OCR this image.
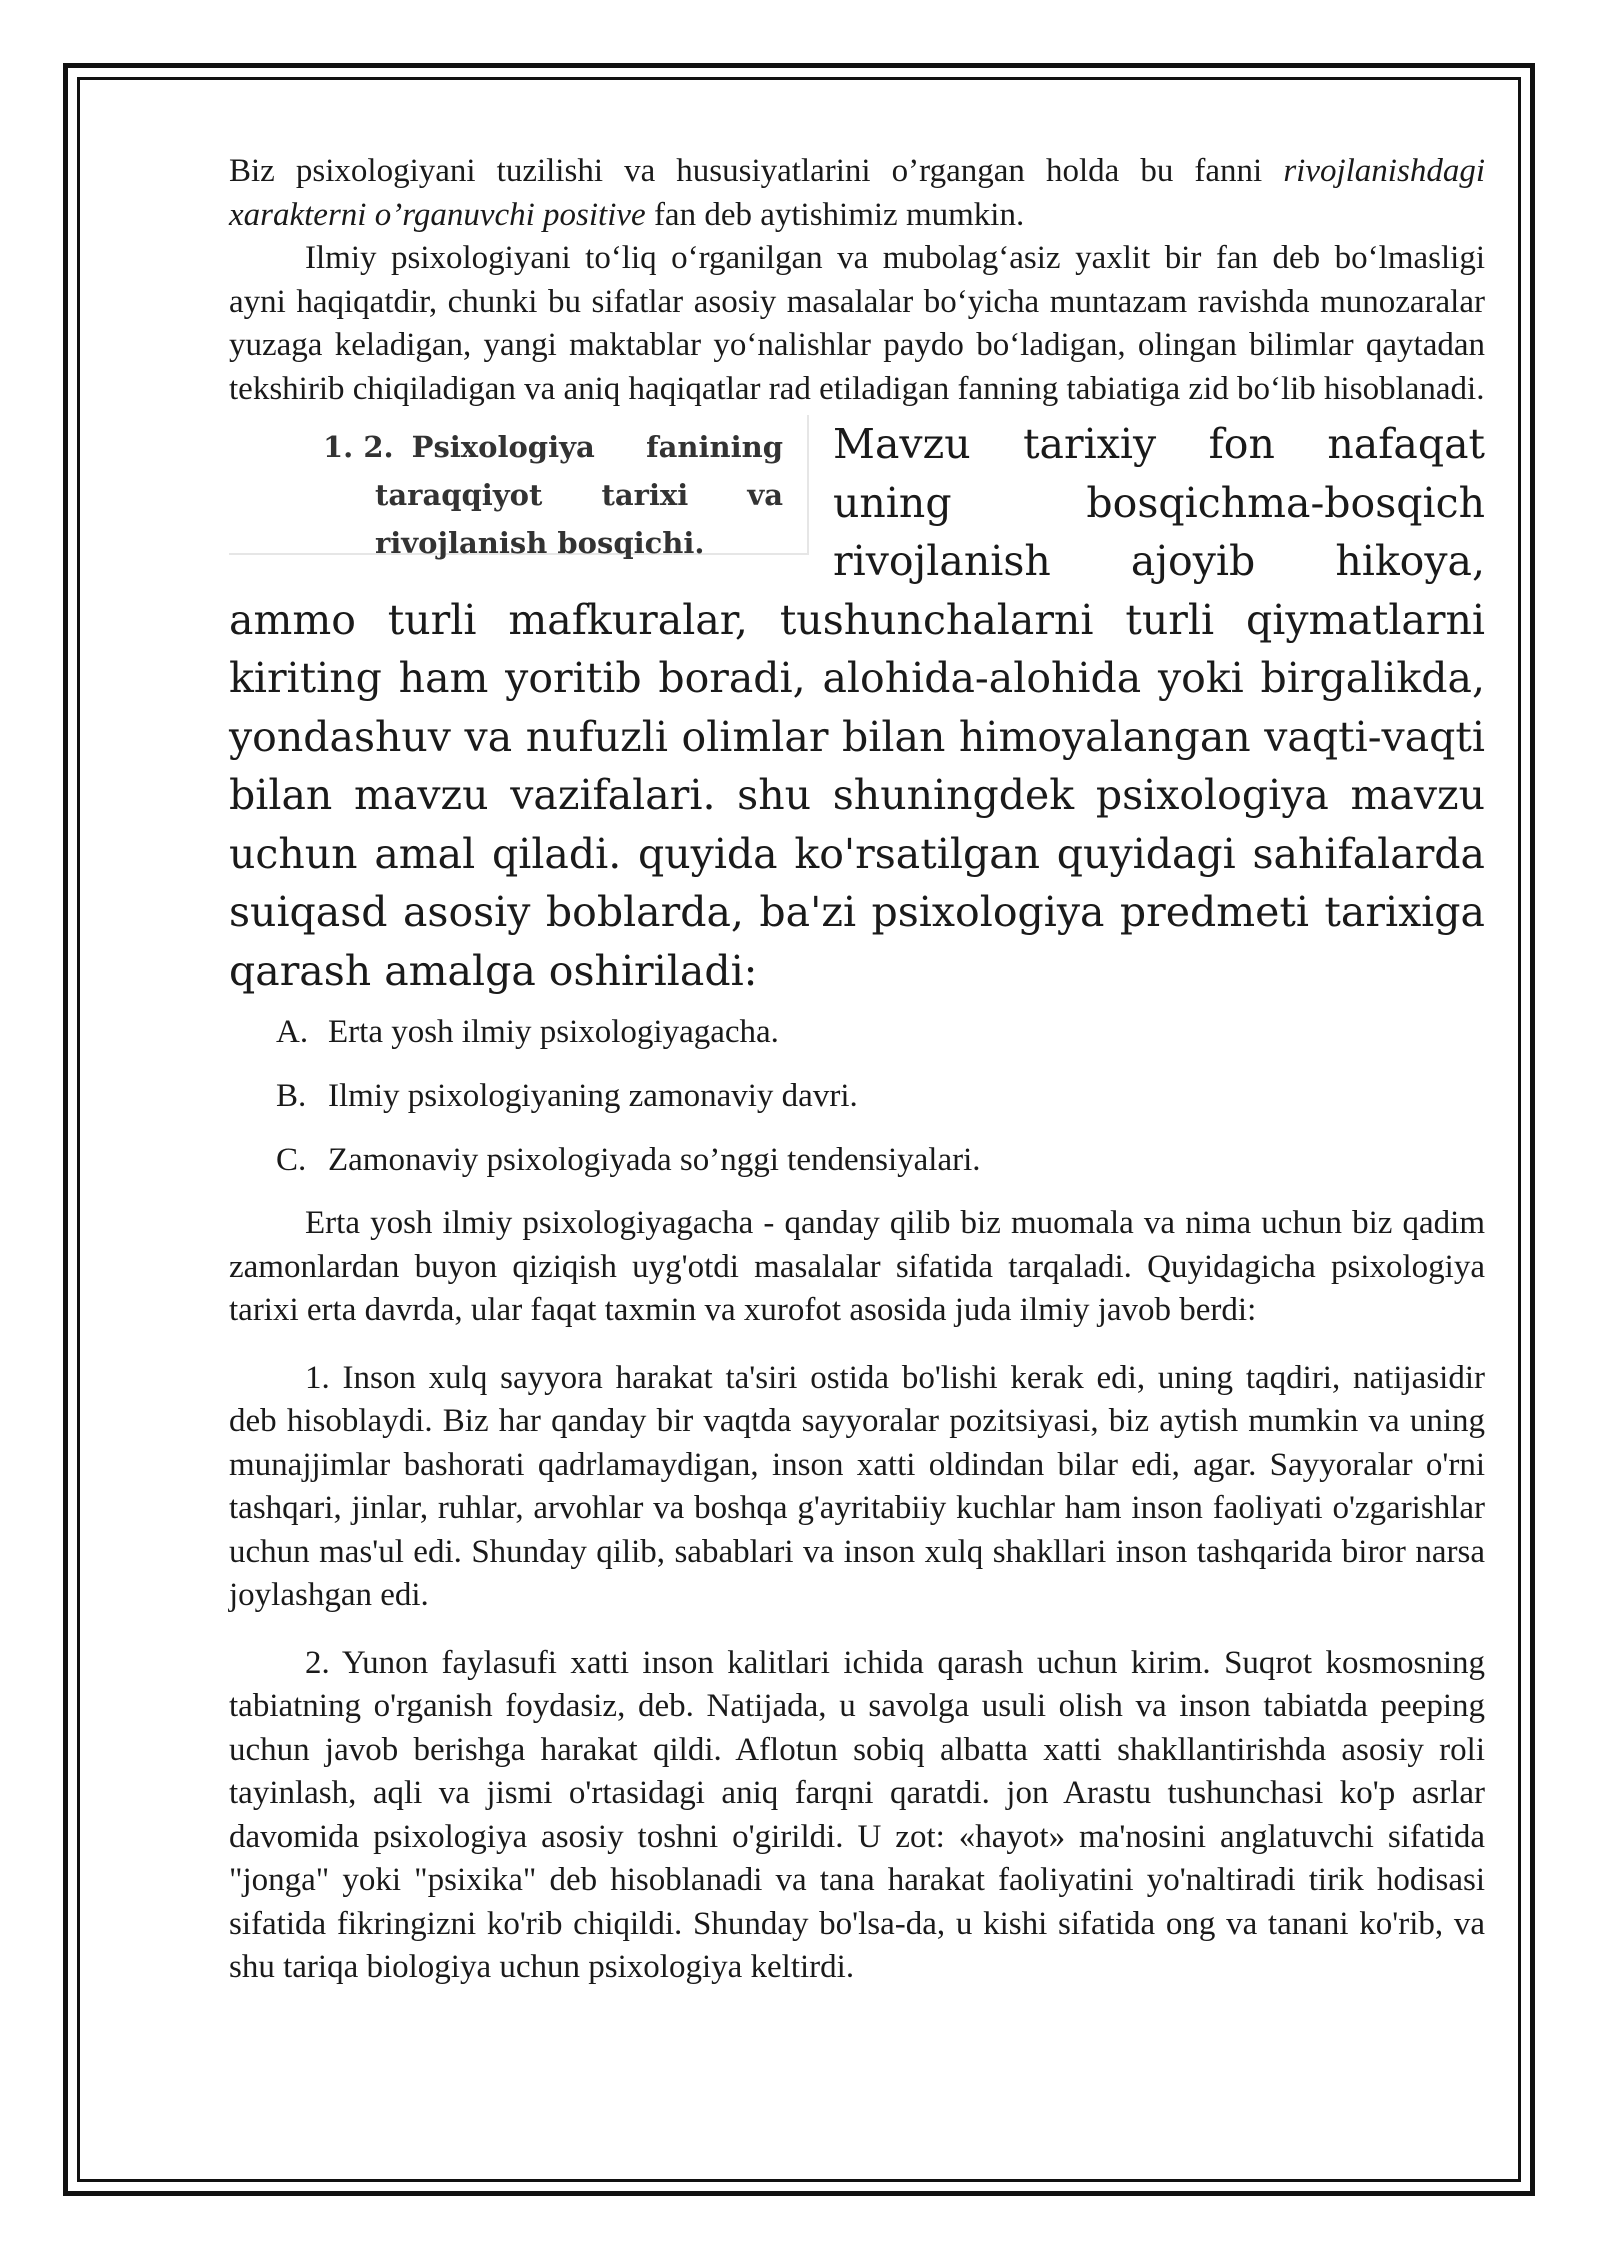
Biz psixologiyani tuzilishi va hususiyatlarini o’rgangan holda bu fanni rivojlanishdagi xarakterni o’rganuvchi positive fan deb aytishimiz mumkin.

Ilmiy psixologiyani to‘liq o‘rganilgan va mubolag‘asiz yaxlit bir fan deb bo‘lmasligi ayni haqiqatdir, chunki bu sifatlar asosiy masalalar bo‘yicha muntazam ravishda munozaralar yuzaga keladigan, yangi maktablar yo‘nalishlar paydo bo‘ladigan, olingan bilimlar qaytadan tekshirib chiqiladigan va aniq haqiqatlar rad etiladigan fanning tabiatiga zid bo‘lib hisoblanadi.

1. 2. Psixologiya fanining
taraqqiyot tarixi va
rivojlanish bosqichi.

Mavzu tarixiy fon nafaqat uning bosqichma-bosqich rivojlanish ajoyib hikoya, ammo turli mafkuralar, tushunchalarni turli qiymatlarni kiriting ham yoritib boradi, alohida-alohida yoki birgalikda, yondashuv va nufuzli olimlar bilan himoyalangan vaqti-vaqti bilan mavzu vazifalari. shu shuningdek psixologiya mavzu uchun amal qiladi. quyida ko'rsatilgan quyidagi sahifalarda suiqasd asosiy boblarda, ba'zi psixologiya predmeti tarixiga qarash amalga oshiriladi:

A. Erta yosh ilmiy psixologiyagacha.
B. Ilmiy psixologiyaning zamonaviy davri.
C. Zamonaviy psixologiyada so’nggi tendensiyalari.

Erta yosh ilmiy psixologiyagacha - qanday qilib biz muomala va nima uchun biz qadim zamonlardan buyon qiziqish uyg'otdi masalalar sifatida tarqaladi. Quyidagicha psixologiya tarixi erta davrda, ular faqat taxmin va xurofot asosida juda ilmiy javob berdi:

1. Inson xulq sayyora harakat ta'siri ostida bo'lishi kerak edi, uning taqdiri, natijasidir deb hisoblaydi. Biz har qanday bir vaqtda sayyoralar pozitsiyasi, biz aytish mumkin va uning munajjimlar bashorati qadrlamaydigan, inson xatti oldindan bilar edi, agar. Sayyoralar o'rni tashqari, jinlar, ruhlar, arvohlar va boshqa g'ayritabiiy kuchlar ham inson faoliyati o'zgarishlar uchun mas'ul edi. Shunday qilib, sabablari va inson xulq shakllari inson tashqarida biror narsa joylashgan edi.

2. Yunon faylasufi xatti inson kalitlari ichida qarash uchun kirim. Suqrot kosmosning tabiatning o'rganish foydasiz, deb. Natijada, u savolga usuli olish va inson tabiatda peeping uchun javob berishga harakat qildi. Aflotun sobiq albatta xatti shakllantirishda asosiy roli tayinlash, aqli va jismi o'rtasidagi aniq farqni qaratdi. jon Arastu tushunchasi ko'p asrlar davomida psixologiya asosiy toshni o'girildi. U zot: «hayot» ma'nosini anglatuvchi sifatida "jonga" yoki "psixika" deb hisoblanadi va tana harakat faoliyatini yo'naltiradi tirik hodisasi sifatida fikringizni ko'rib chiqildi. Shunday bo'lsa-da, u kishi sifatida ong va tanani ko'rib, va shu tariqa biologiya uchun psixologiya keltirdi.
